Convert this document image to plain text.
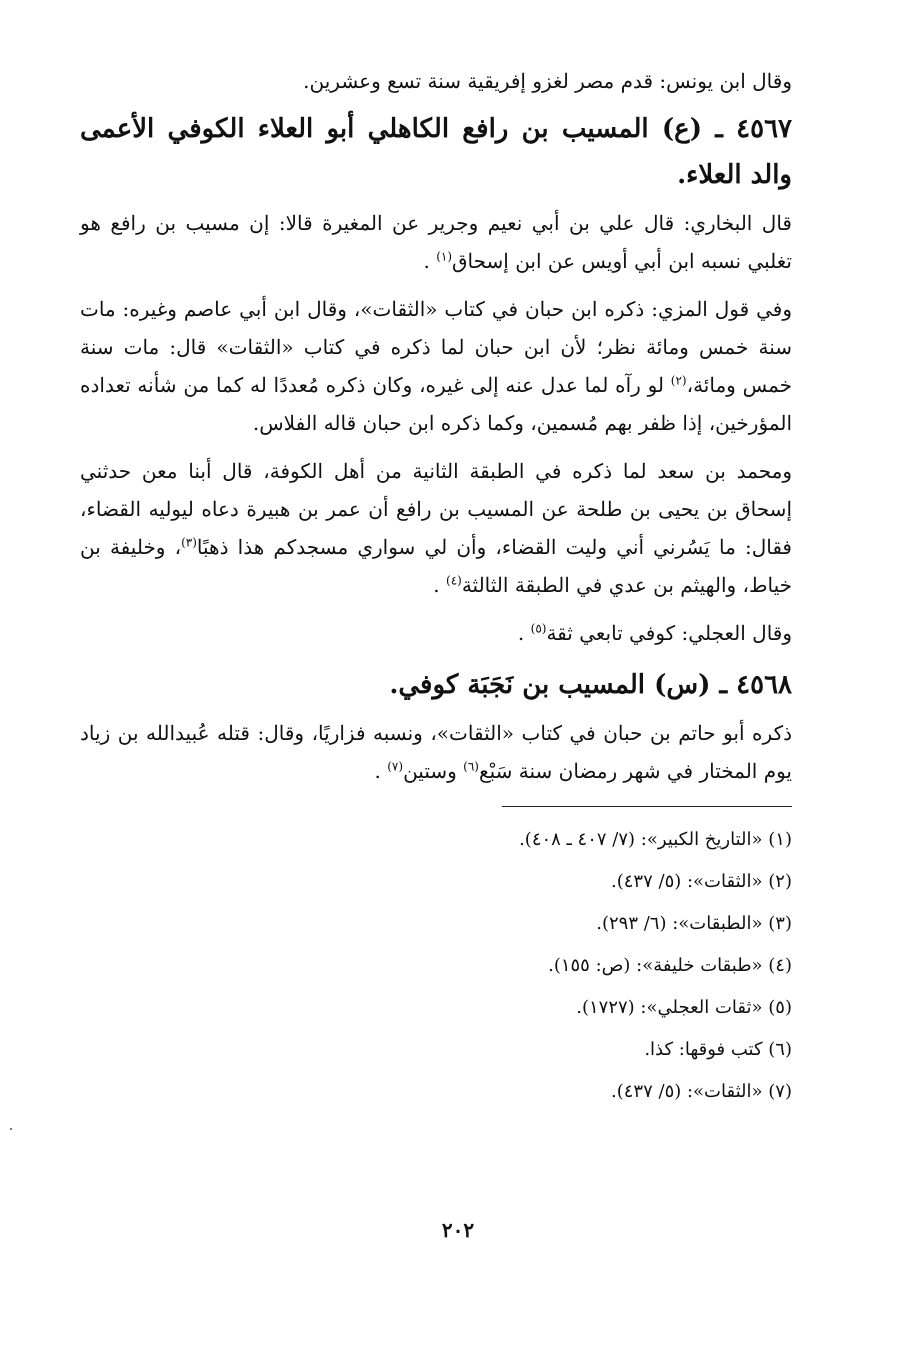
وقال ابن يونس: قدم مصر لغزو إفريقية سنة تسع وعشرين.

٤٥٦٧ ـ (ع) المسيب بن رافع الكاهلي أبو العلاء الكوفي الأعمى والد العلاء.

قال البخاري: قال علي بن أبي نعيم وجرير عن المغيرة قالا: إن مسيب بن رافع هو تغلبي نسبه ابن أبي أويس عن ابن إسحاق$^{(١)}$ .

وفي قول المزي: ذكره ابن حبان في كتاب «الثقات»، وقال ابن أبي عاصم وغيره: مات سنة خمس ومائة نظر؛ لأن ابن حبان لما ذكره في كتاب «الثقات» قال: مات سنة خمس ومائة،$^{(٢)}$ لو رآه لما عدل عنه إلى غيره، وكان ذكره مُعددًا له كما من شأنه تعداده المؤرخين، إذا ظفر بهم مُسمين، وكما ذكره ابن حبان قاله الفلاس.

ومحمد بن سعد لما ذكره في الطبقة الثانية من أهل الكوفة، قال أبنا معن حدثني إسحاق بن يحيى بن طلحة عن المسيب بن رافع أن عمر بن هبيرة دعاه ليوليه القضاء، فقال: ما يَسُرني أني وليت القضاء، وأن لي سواري مسجدكم هذا ذهبًا$^{(٣)}$، وخليفة بن خياط، والهيثم بن عدي في الطبقة الثالثة$^{(٤)}$ .

وقال العجلي: كوفي تابعي ثقة$^{(٥)}$ .

٤٥٦٨ ـ (س) المسيب بن نَجَبَة كوفي.

ذكره أبو حاتم بن حبان في كتاب «الثقات»، ونسبه فزاريًا، وقال: قتله عُبيدالله بن زياد يوم المختار في شهر رمضان سنة سَبْع$^{(٦)}$ وستين$^{(٧)}$ .

(١) «التاريخ الكبير»: (٧/ ٤٠٧ ـ ٤٠٨).
(٢) «الثقات»: (٥/ ٤٣٧).
(٣) «الطبقات»: (٦/ ٢٩٣).
(٤) «طبقات خليفة»: (ص: ١٥٥).
(٥) «ثقات العجلي»: (١٧٢٧).
(٦) كتب فوقها: كذا.
(٧) «الثقات»: (٥/ ٤٣٧).
٢٠٢
